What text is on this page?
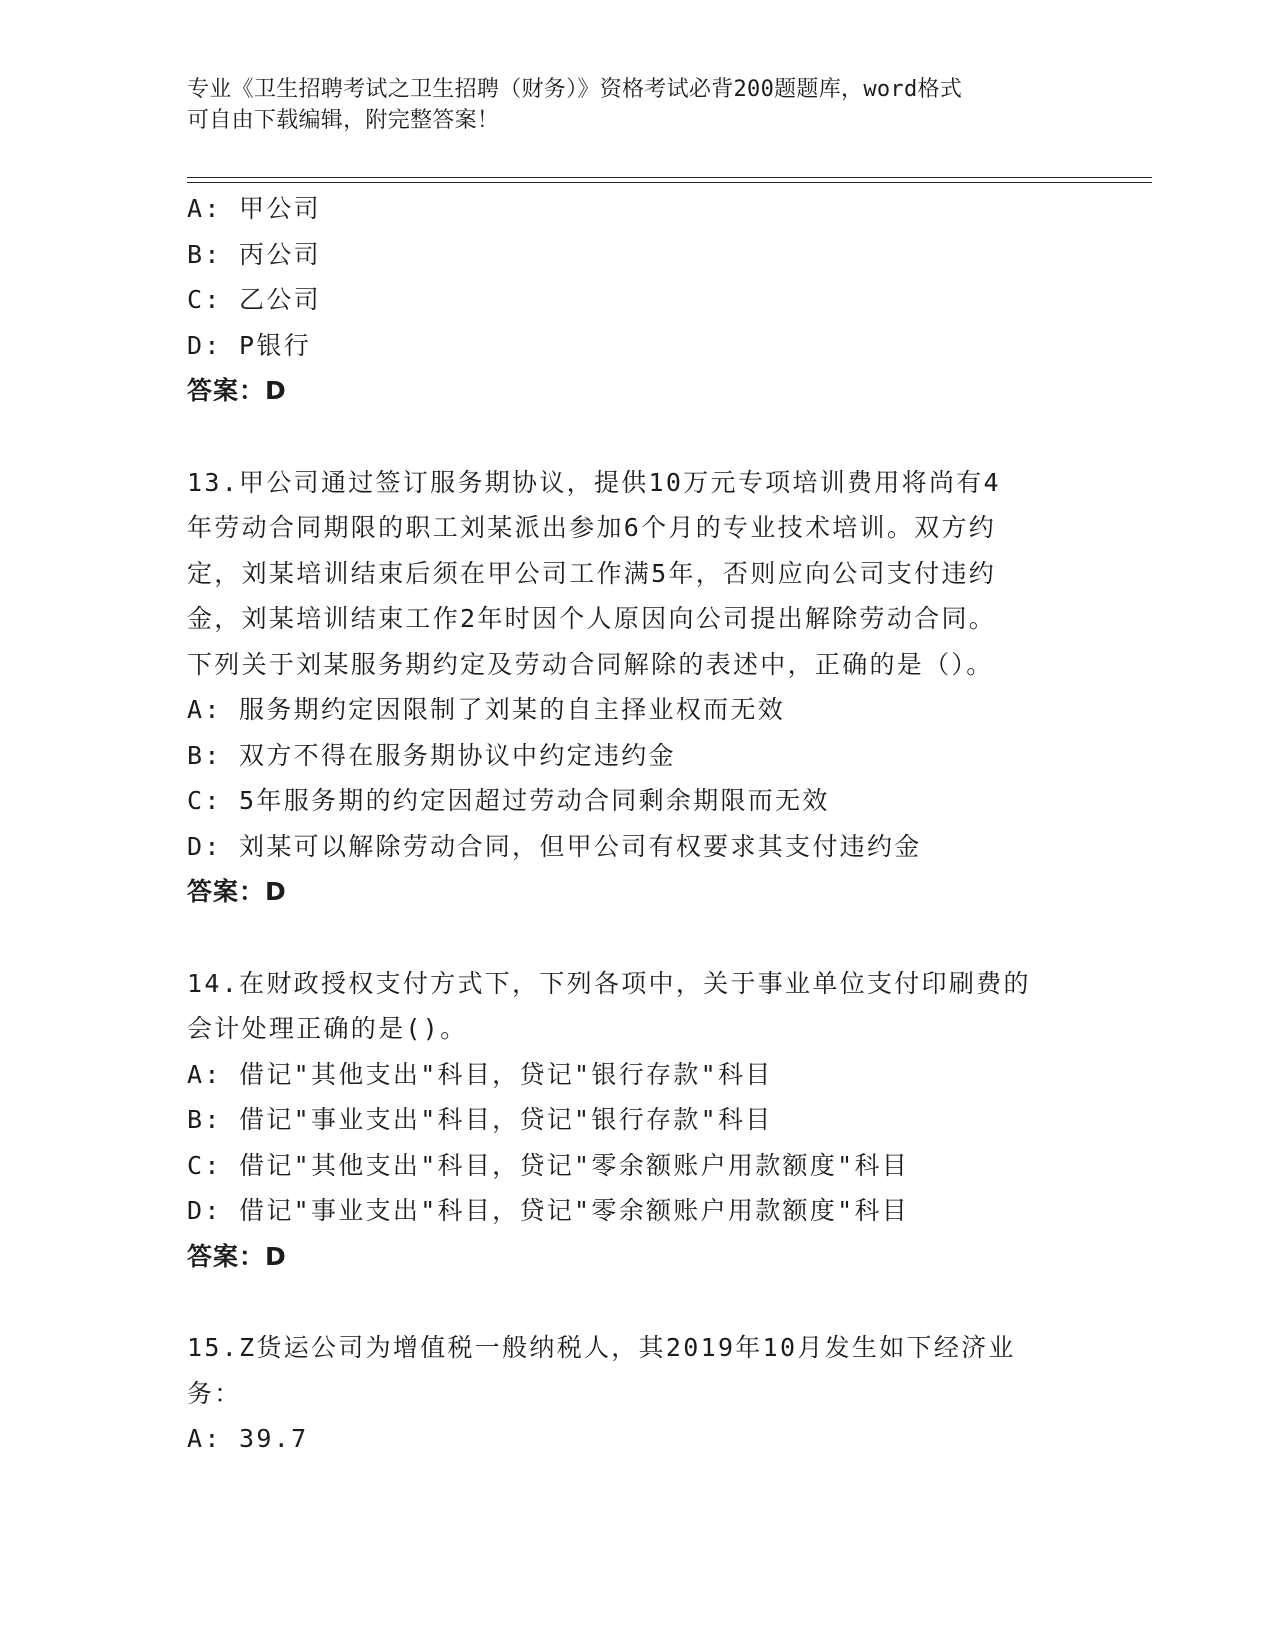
专业《卫生招聘考试之卫生招聘（财务）》资格考试必背200题题库，word格式
可自由下载编辑，附完整答案！
A: 甲公司
B: 丙公司
C: 乙公司
D: P银行
答案：D
13.甲公司通过签订服务期协议，提供10万元专项培训费用将尚有4
年劳动合同期限的职工刘某派出参加6个月的专业技术培训。双方约
定，刘某培训结束后须在甲公司工作满5年，否则应向公司支付违约
金，刘某培训结束工作2年时因个人原因向公司提出解除劳动合同。
下列关于刘某服务期约定及劳动合同解除的表述中，正确的是（）。
A: 服务期约定因限制了刘某的自主择业权而无效
B: 双方不得在服务期协议中约定违约金
C: 5年服务期的约定因超过劳动合同剩余期限而无效
D: 刘某可以解除劳动合同，但甲公司有权要求其支付违约金
答案：D
14.在财政授权支付方式下，下列各项中，关于事业单位支付印刷费的
会计处理正确的是()。
A: 借记"其他支出"科目，贷记"银行存款"科目
B: 借记"事业支出"科目，贷记"银行存款"科目
C: 借记"其他支出"科目，贷记"零余额账户用款额度"科目
D: 借记"事业支出"科目，贷记"零余额账户用款额度"科目
答案：D
15.Z货运公司为增值税一般纳税人，其2019年10月发生如下经济业
务：
A: 39.7
